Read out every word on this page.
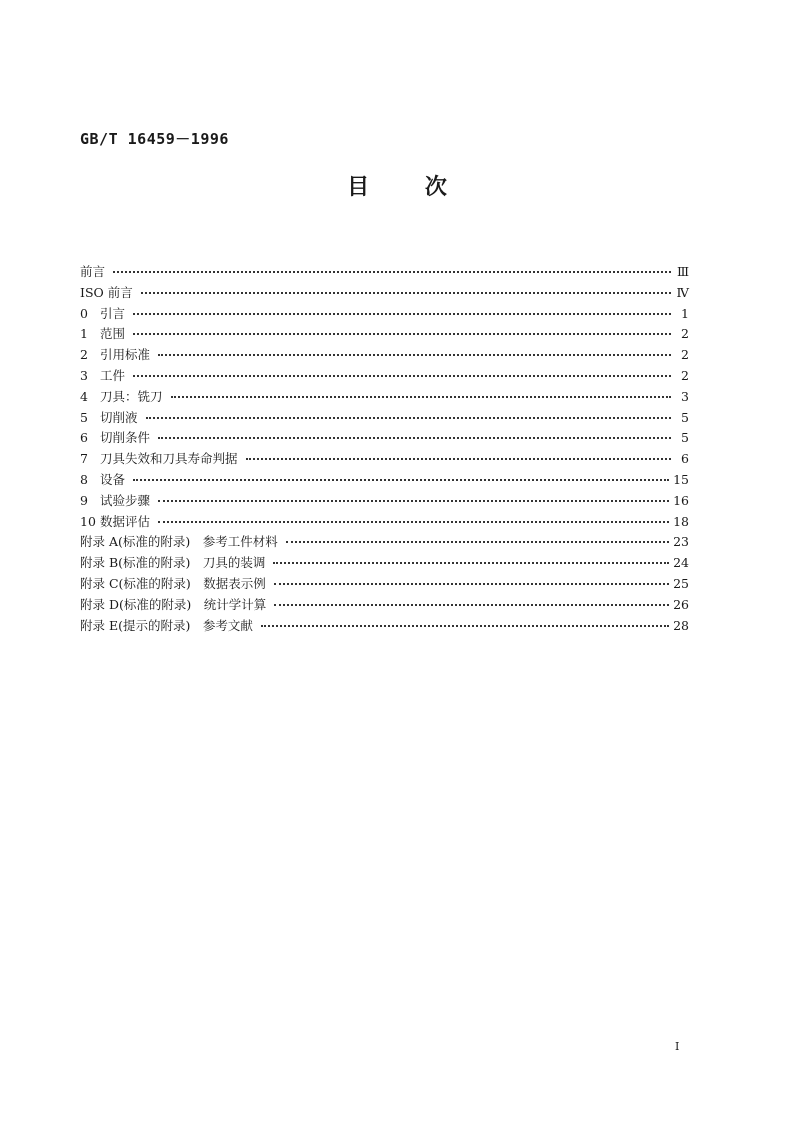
GB/T 16459－1996
目	次
前言	Ⅲ
ISO 前言	Ⅳ
0 引言	1
1 范围	2
2 引用标准	2
3 工件	2
4 刀具：铣刀	3
5 切削液	5
6 切削条件	5
7 刀具失效和刀具寿命判据	6
8 设备	15
9 试验步骤	16
10 数据评估	18
附录 A(标准的附录)　参考工件材料	23
附录 B(标准的附录)　刀具的装调	24
附录 C(标准的附录)　数据表示例	25
附录 D(标准的附录)　统计学计算	26
附录 E(提示的附录)　参考文献	28
I
